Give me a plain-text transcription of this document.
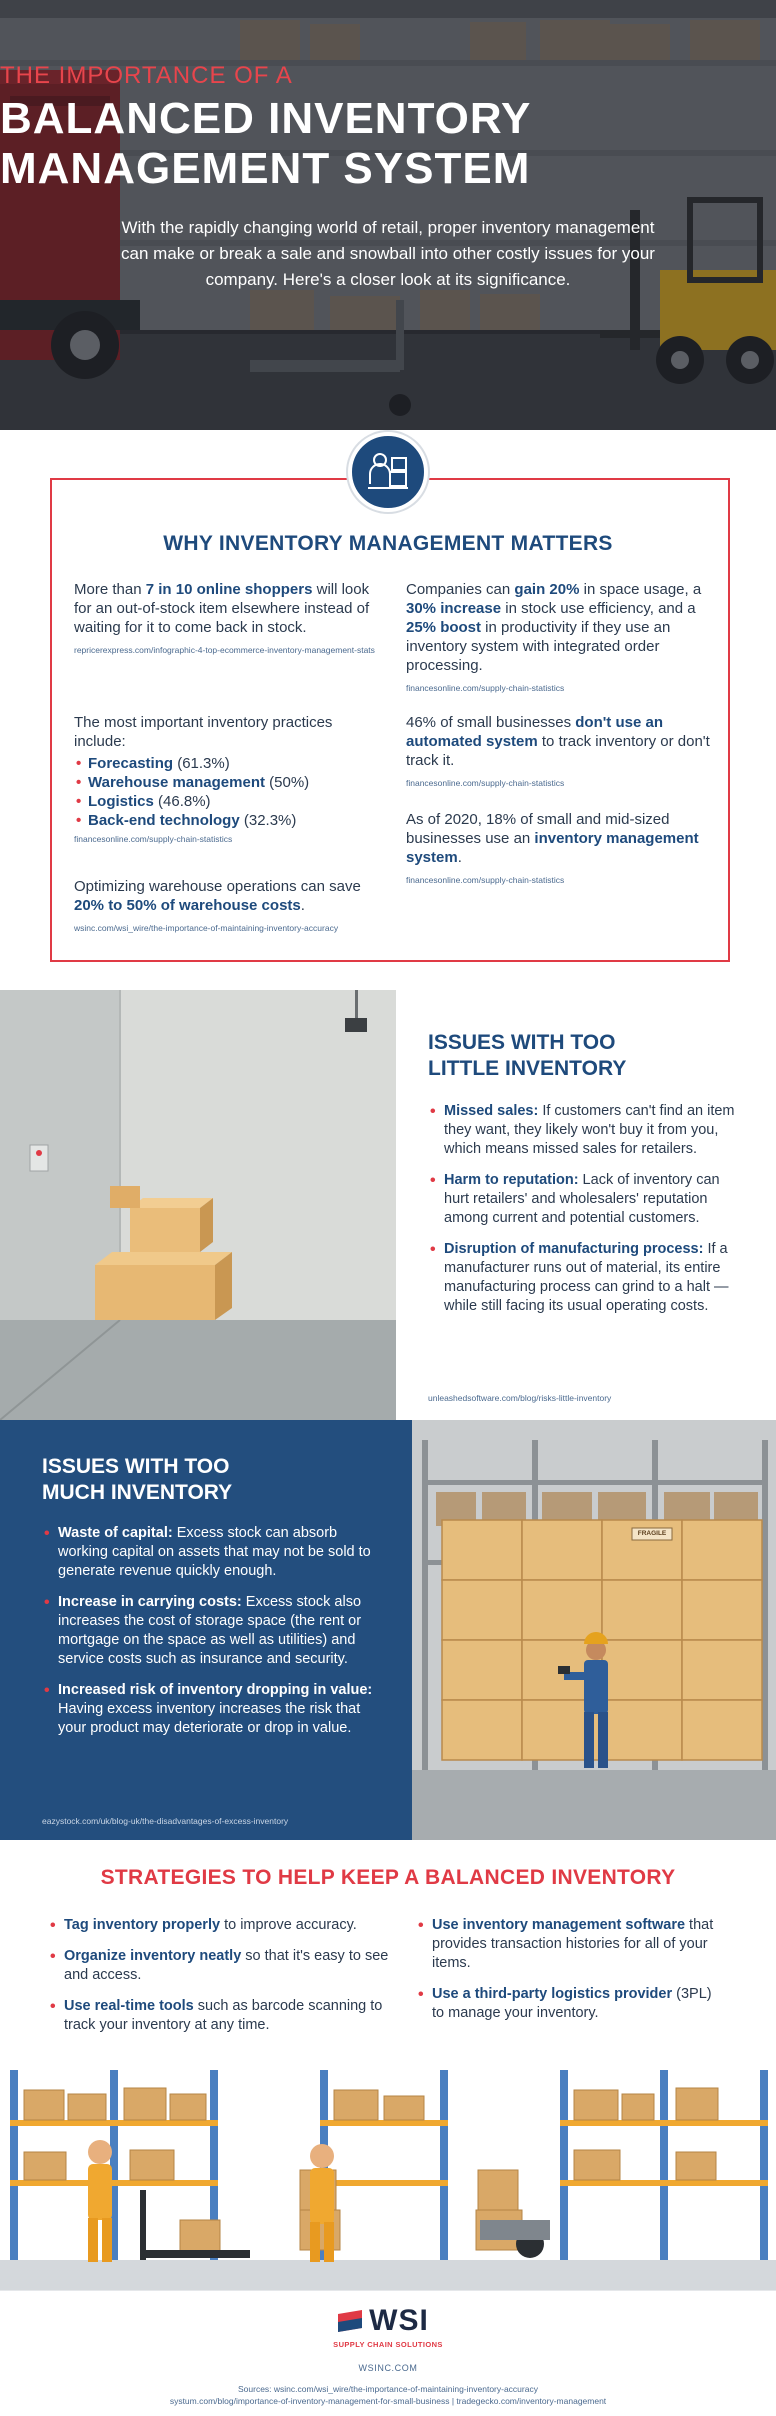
THE IMPORTANCE OF A
BALANCED INVENTORY
MANAGEMENT SYSTEM
With the rapidly changing world of retail, proper inventory management can make or break a sale and snowball into other costly issues for your company. Here's a closer look at its significance.
WHY INVENTORY MANAGEMENT MATTERS
More than 7 in 10 online shoppers will look for an out-of-stock item elsewhere instead of waiting for it to come back in stock.
repricerexpress.com/infographic-4-top-ecommerce-inventory-management-stats
The most important inventory practices include:
• Forecasting (61.3%)
• Warehouse management (50%)
• Logistics (46.8%)
• Back-end technology (32.3%)
financesonline.com/supply-chain-statistics
Optimizing warehouse operations can save 20% to 50% of warehouse costs.
wsinc.com/wsi_wire/the-importance-of-maintaining-inventory-accuracy
Companies can gain 20% in space usage, a 30% increase in stock use efficiency, and a 25% boost in productivity if they use an inventory system with integrated order processing.
financesonline.com/supply-chain-statistics
46% of small businesses don't use an automated system to track inventory or don't track it.
financesonline.com/supply-chain-statistics
As of 2020, 18% of small and mid-sized businesses use an inventory management system.
financesonline.com/supply-chain-statistics
ISSUES WITH TOO
LITTLE INVENTORY
• Missed sales: If customers can't find an item they want, they likely won't buy it from you, which means missed sales for retailers.
• Harm to reputation: Lack of inventory can hurt retailers' and wholesalers' reputation among current and potential customers.
• Disruption of manufacturing process: If a manufacturer runs out of material, its entire manufacturing process can grind to a halt — while still facing its usual operating costs.
unleashedsoftware.com/blog/risks-little-inventory
ISSUES WITH TOO
MUCH INVENTORY
• Waste of capital: Excess stock can absorb working capital on assets that may not be sold to generate revenue quickly enough.
• Increase in carrying costs: Excess stock also increases the cost of storage space (the rent or mortgage on the space as well as utilities) and service costs such as insurance and security.
• Increased risk of inventory dropping in value: Having excess inventory increases the risk that your product may deteriorate or drop in value.
eazystock.com/uk/blog-uk/the-disadvantages-of-excess-inventory
FRAGILE
STRATEGIES TO HELP KEEP A BALANCED INVENTORY
• Tag inventory properly to improve accuracy.
• Organize inventory neatly so that it's easy to see and access.
• Use real-time tools such as barcode scanning to track your inventory at any time.
• Use inventory management software that provides transaction histories for all of your items.
• Use a third-party logistics provider (3PL) to manage your inventory.
WSI
SUPPLY CHAIN SOLUTIONS
WSINC.COM
Sources: wsinc.com/wsi_wire/the-importance-of-maintaining-inventory-accuracy
systum.com/blog/importance-of-inventory-management-for-small-business | tradegecko.com/inventory-management
